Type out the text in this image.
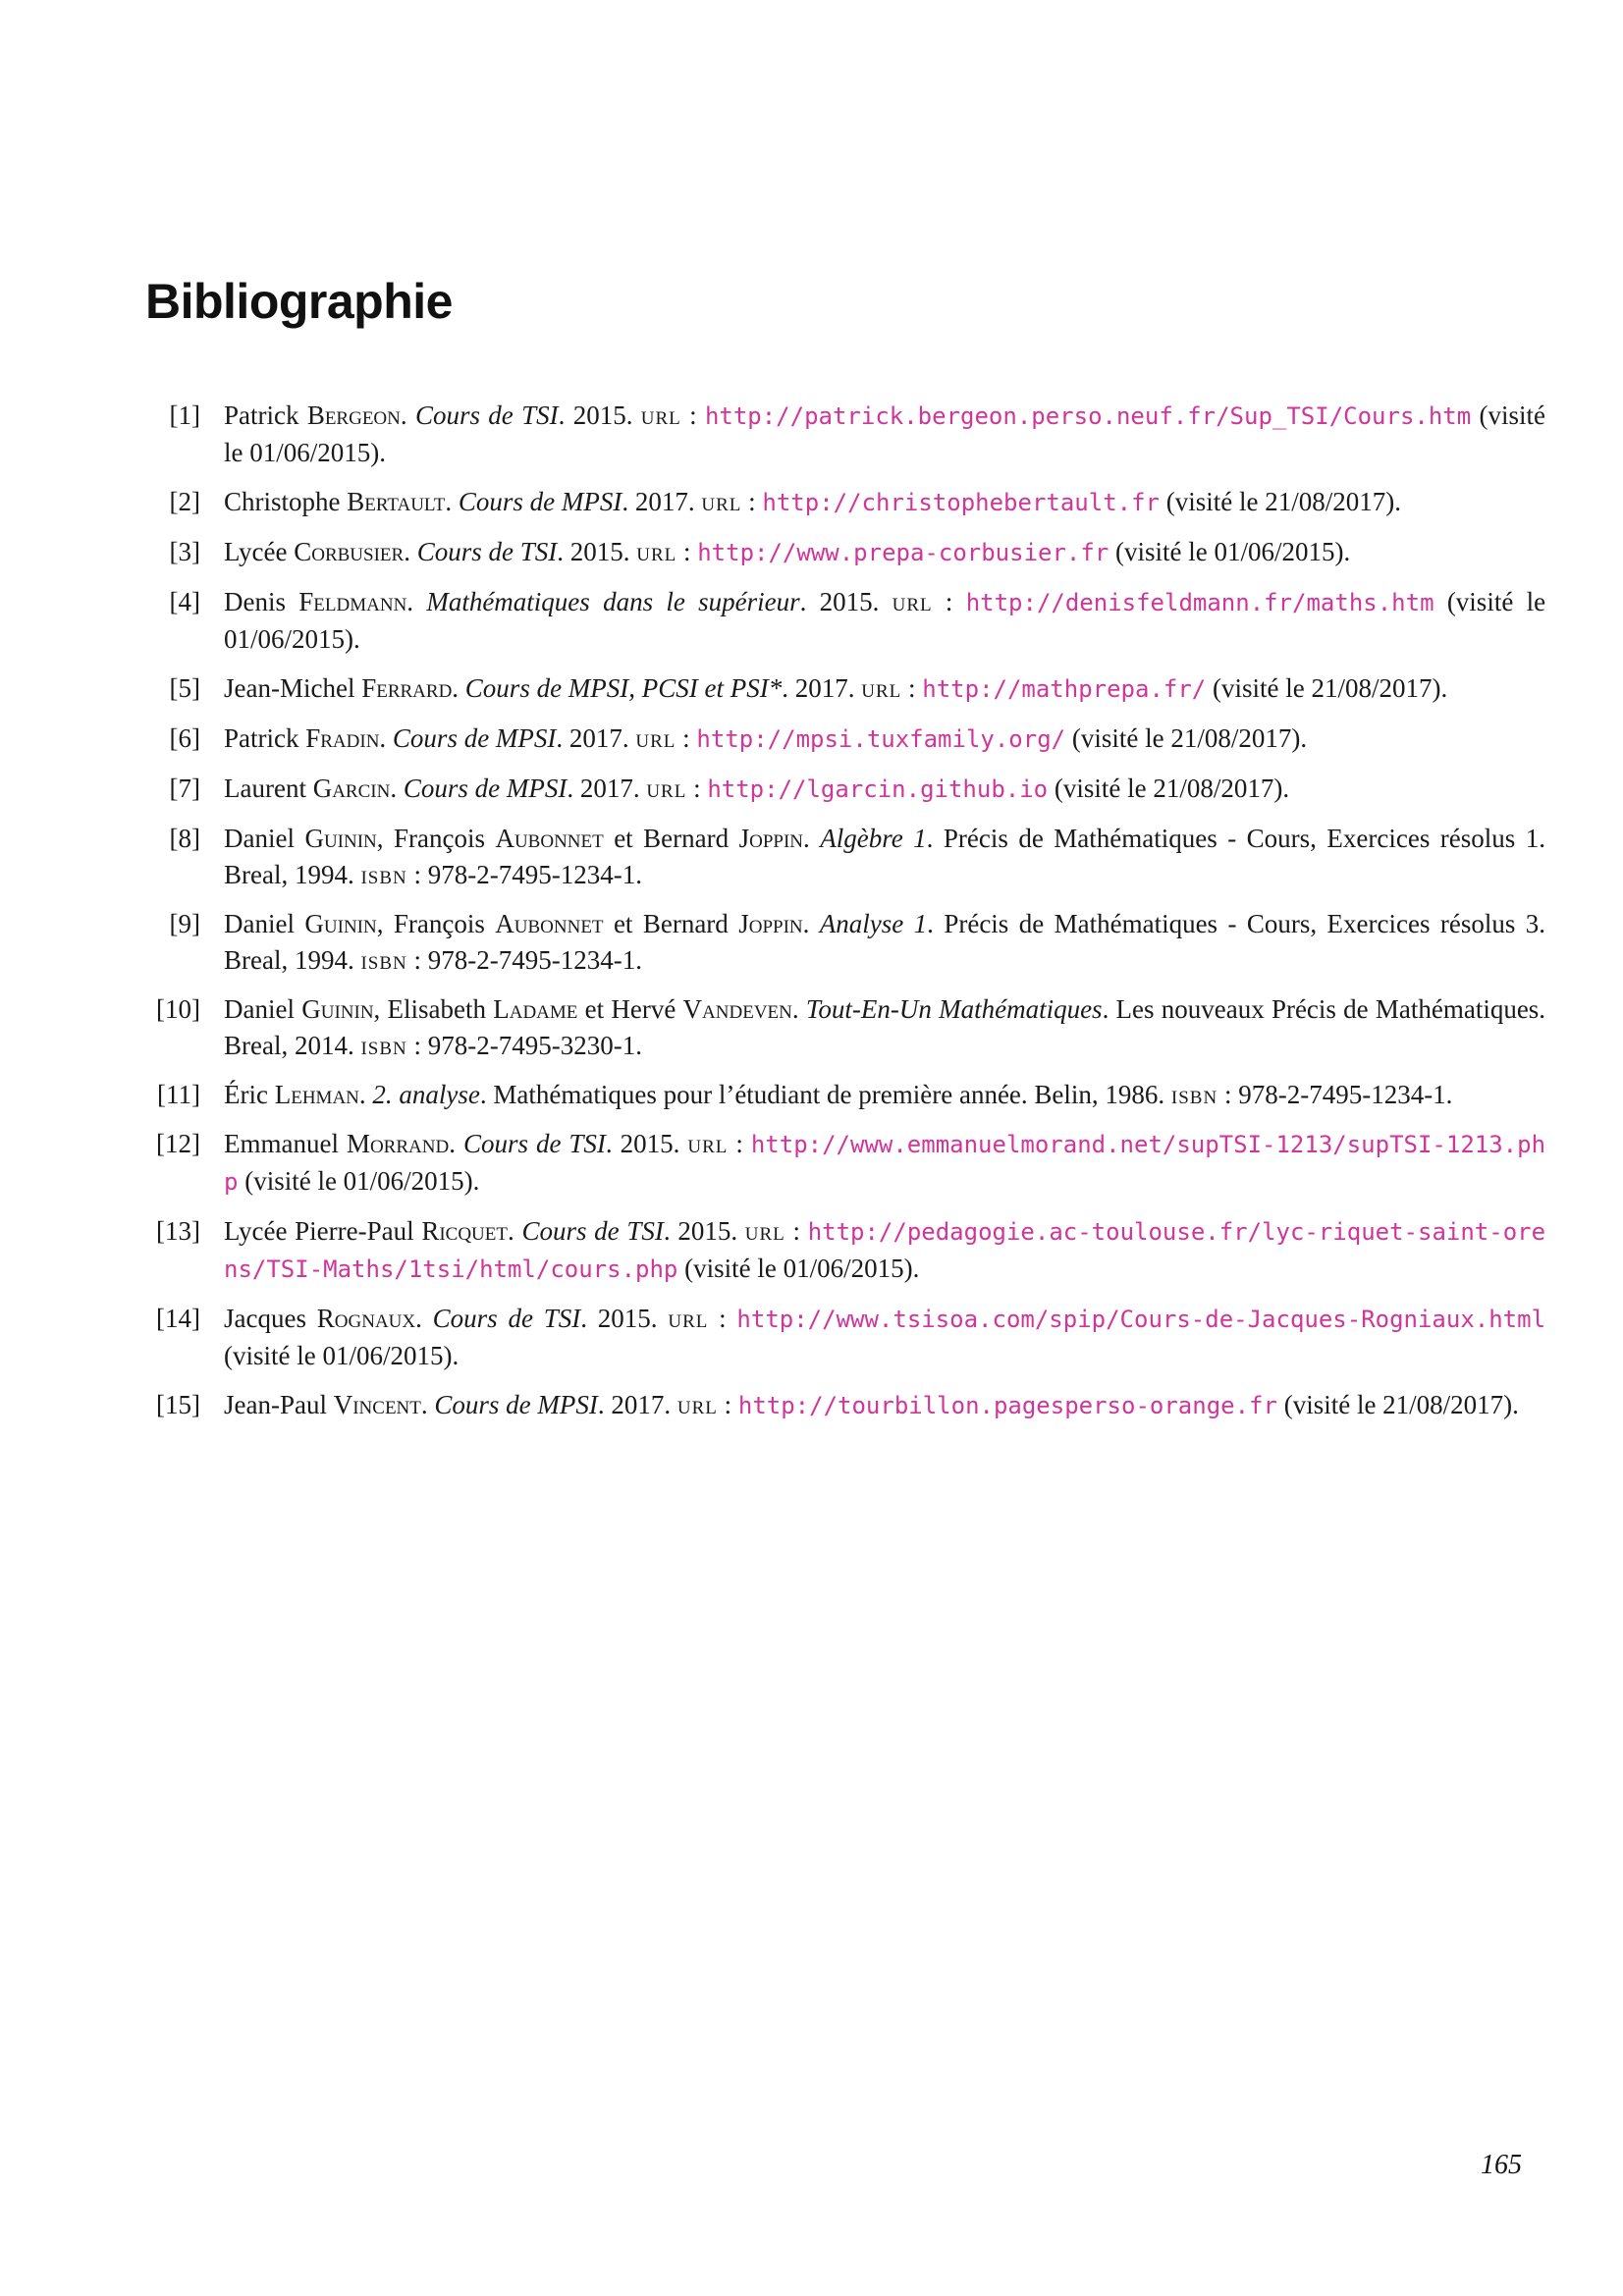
Bibliographie
[1] Patrick Bergeon. Cours de TSI. 2015. url : http://patrick.bergeon.perso.neuf.fr/Sup_TSI/Cours.htm (visité le 01/06/2015).
[2] Christophe Bertault. Cours de MPSI. 2017. url : http://christophebertault.fr (visité le 21/08/2017).
[3] Lycée Corbusier. Cours de TSI. 2015. url : http://www.prepa-corbusier.fr (visité le 01/06/2015).
[4] Denis Feldmann. Mathématiques dans le supérieur. 2015. url : http://denisfeldmann.fr/maths.htm (visité le 01/06/2015).
[5] Jean-Michel Ferrard. Cours de MPSI, PCSI et PSI*. 2017. url : http://mathprepa.fr/ (visité le 21/08/2017).
[6] Patrick Fradin. Cours de MPSI. 2017. url : http://mpsi.tuxfamily.org/ (visité le 21/08/2017).
[7] Laurent Garcin. Cours de MPSI. 2017. url : http://lgarcin.github.io (visité le 21/08/2017).
[8] Daniel Guinin, François Aubonnet et Bernard Joppin. Algèbre 1. Précis de Mathématiques - Cours, Exercices résolus 1. Breal, 1994. isbn : 978-2-7495-1234-1.
[9] Daniel Guinin, François Aubonnet et Bernard Joppin. Analyse 1. Précis de Mathématiques - Cours, Exercices résolus 3. Breal, 1994. isbn : 978-2-7495-1234-1.
[10] Daniel Guinin, Elisabeth Ladame et Hervé Vandeven. Tout-En-Un Mathématiques. Les nouveaux Précis de Mathématiques. Breal, 2014. isbn : 978-2-7495-3230-1.
[11] Éric Lehman. 2. analyse. Mathématiques pour l’étudiant de première année. Belin, 1986. isbn : 978-2-7495-1234-1.
[12] Emmanuel Morrand. Cours de TSI. 2015. url : http://www.emmanuelmorand.net/supTSI-1213/supTSI-1213.php (visité le 01/06/2015).
[13] Lycée Pierre-Paul Ricquet. Cours de TSI. 2015. url : http://pedagogie.ac-toulouse.fr/lyc-riquet-saint-orens/TSI-Maths/1tsi/html/cours.php (visité le 01/06/2015).
[14] Jacques Rognaux. Cours de TSI. 2015. url : http://www.tsisoa.com/spip/Cours-de-Jacques-Rogniaux.html (visité le 01/06/2015).
[15] Jean-Paul Vincent. Cours de MPSI. 2017. url : http://tourbillon.pagesperso-orange.fr (visité le 21/08/2017).
165
